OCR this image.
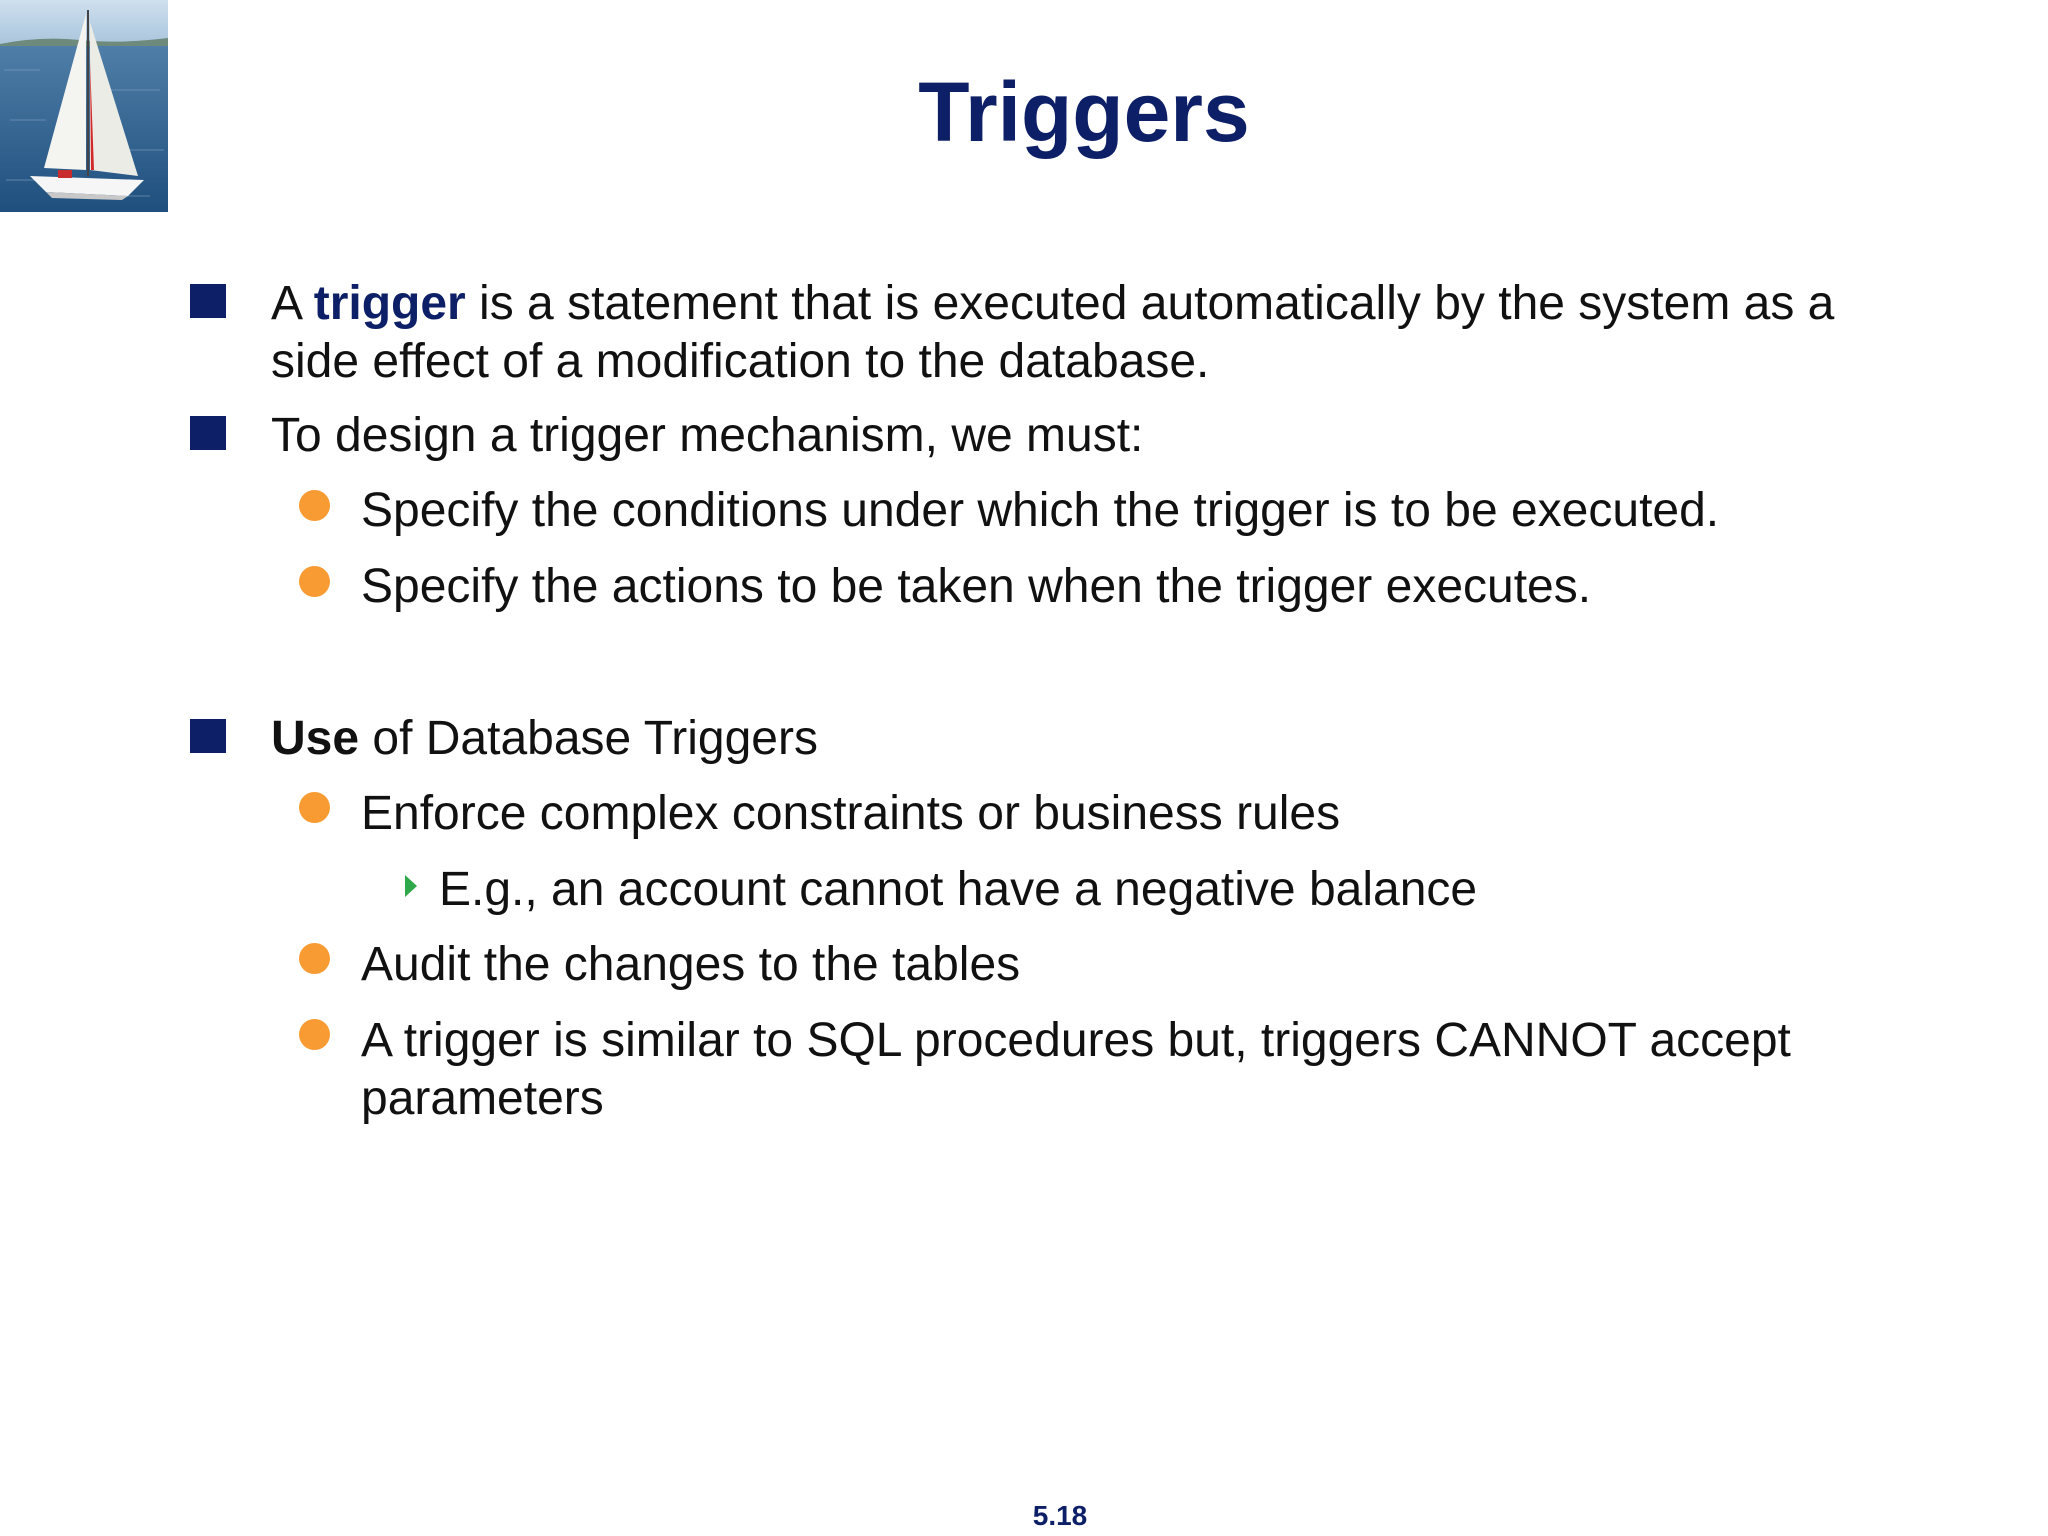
Triggers
A trigger is a statement that is executed automatically by the system as a
side effect of a modification to the database.
To design a trigger mechanism, we must:
Specify the conditions under which the trigger is to be executed.
Specify the actions to be taken when the trigger executes.
Use of Database Triggers
Enforce complex constraints or business rules
E.g., an account cannot have a negative balance
Audit the changes to the tables
A trigger is similar to SQL procedures but, triggers CANNOT accept
parameters
5.18
